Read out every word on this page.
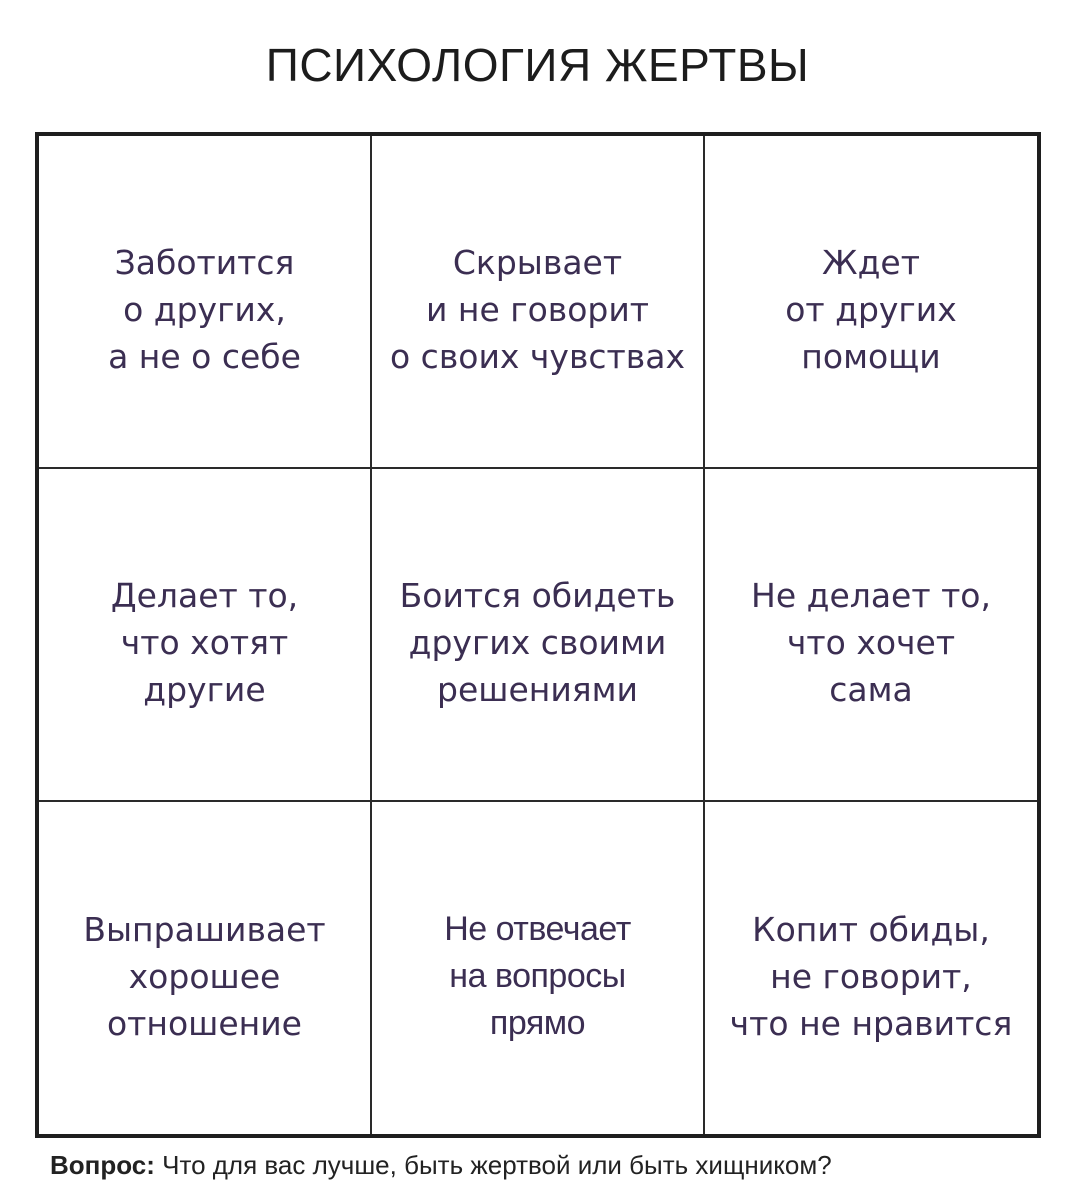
ПСИХОЛОГИЯ ЖЕРТВЫ
Заботится
о других,
а не о себе
Скрывает
и не говорит
о своих чувствах
Ждет
от других
помощи
Делает то,
что хотят
другие
Боится обидеть
других своими
решениями
Не делает то,
что хочет
сама
Выпрашивает
хорошее
отношение
Не отвечает
на вопросы
прямо
Копит обиды,
не говорит,
что не нравится
Вопрос: Что для вас лучше, быть жертвой или быть хищником?
